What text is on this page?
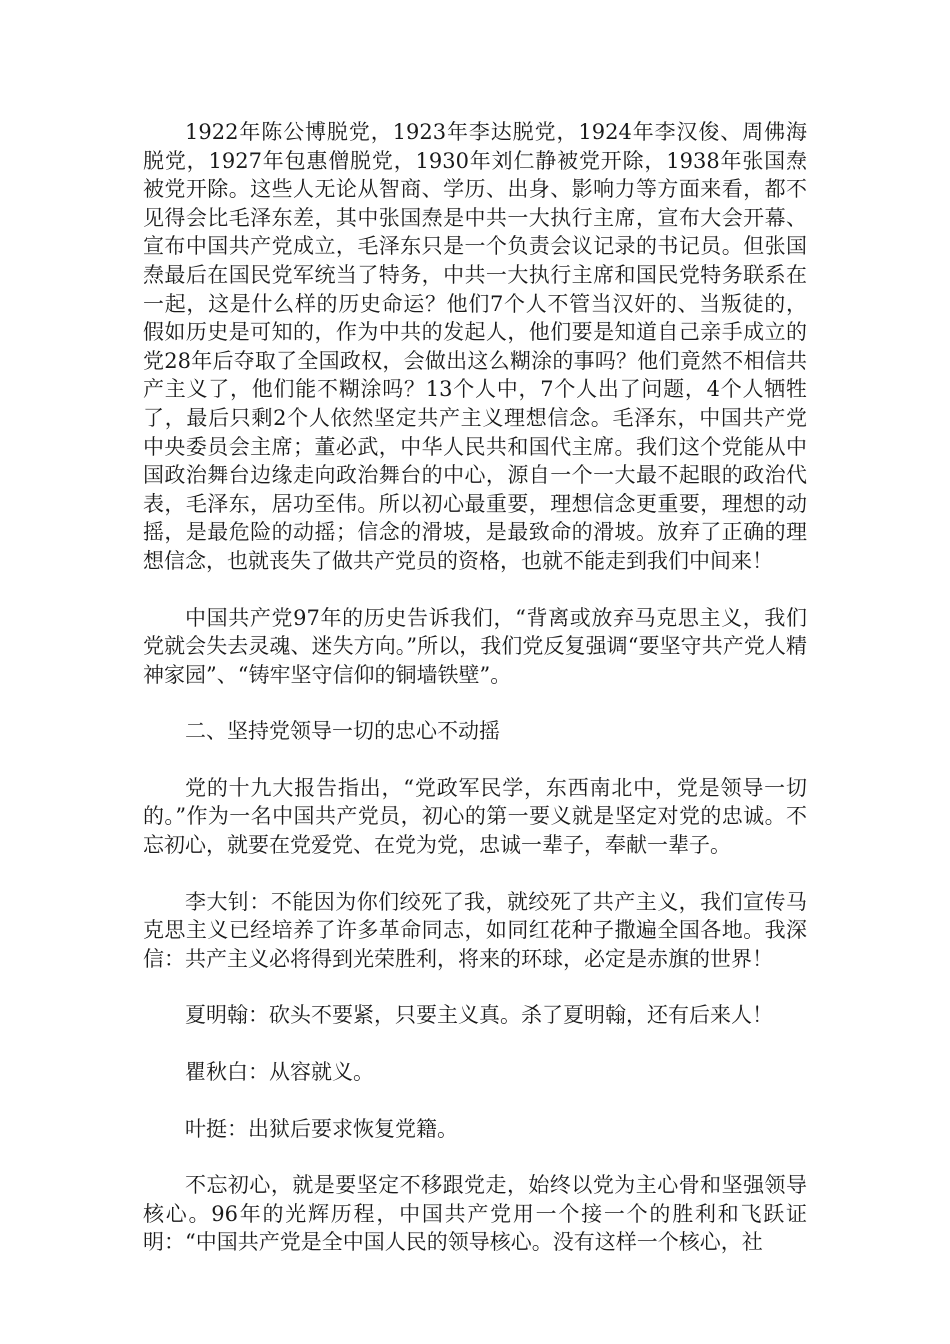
1922年陈公博脱党，1923年李达脱党，1924年李汉俊、周佛海脱党，1927年包惠僧脱党，1930年刘仁静被党开除，1938年张国焘被党开除。这些人无论从智商、学历、出身、影响力等方面来看，都不见得会比毛泽东差，其中张国焘是中共一大执行主席，宣布大会开幕、宣布中国共产党成立，毛泽东只是一个负责会议记录的书记员。但张国焘最后在国民党军统当了特务，中共一大执行主席和国民党特务联系在一起，这是什么样的历史命运？他们7个人不管当汉奸的、当叛徒的，假如历史是可知的，作为中共的发起人，他们要是知道自己亲手成立的党28年后夺取了全国政权，会做出这么糊涂的事吗？他们竟然不相信共产主义了，他们能不糊涂吗？13个人中，7个人出了问题，4个人牺牲了，最后只剩2个人依然坚定共产主义理想信念。毛泽东，中国共产党中央委员会主席；董必武，中华人民共和国代主席。我们这个党能从中国政治舞台边缘走向政治舞台的中心，源自一个一大最不起眼的政治代表，毛泽东，居功至伟。所以初心最重要，理想信念更重要，理想的动摇，是最危险的动摇；信念的滑坡，是最致命的滑坡。放弃了正确的理想信念，也就丧失了做共产党员的资格，也就不能走到我们中间来！

中国共产党97年的历史告诉我们，“背离或放弃马克思主义，我们党就会失去灵魂、迷失方向。”所以，我们党反复强调“要坚守共产党人精神家园”、“铸牢坚守信仰的铜墙铁壁”。

二、坚持党领导一切的忠心不动摇

党的十九大报告指出，“党政军民学，东西南北中，党是领导一切的。”作为一名中国共产党员，初心的第一要义就是坚定对党的忠诚。不忘初心，就要在党爱党、在党为党，忠诚一辈子，奉献一辈子。

李大钊：不能因为你们绞死了我，就绞死了共产主义，我们宣传马克思主义已经培养了许多革命同志，如同红花种子撒遍全国各地。我深信：共产主义必将得到光荣胜利，将来的环球，必定是赤旗的世界！

夏明翰：砍头不要紧，只要主义真。杀了夏明翰，还有后来人！

瞿秋白：从容就义。

叶挺：出狱后要求恢复党籍。

不忘初心，就是要坚定不移跟党走，始终以党为主心骨和坚强领导核心。96年的光辉历程，中国共产党用一个接一个的胜利和飞跃证明：“中国共产党是全中国人民的领导核心。没有这样一个核心，社
